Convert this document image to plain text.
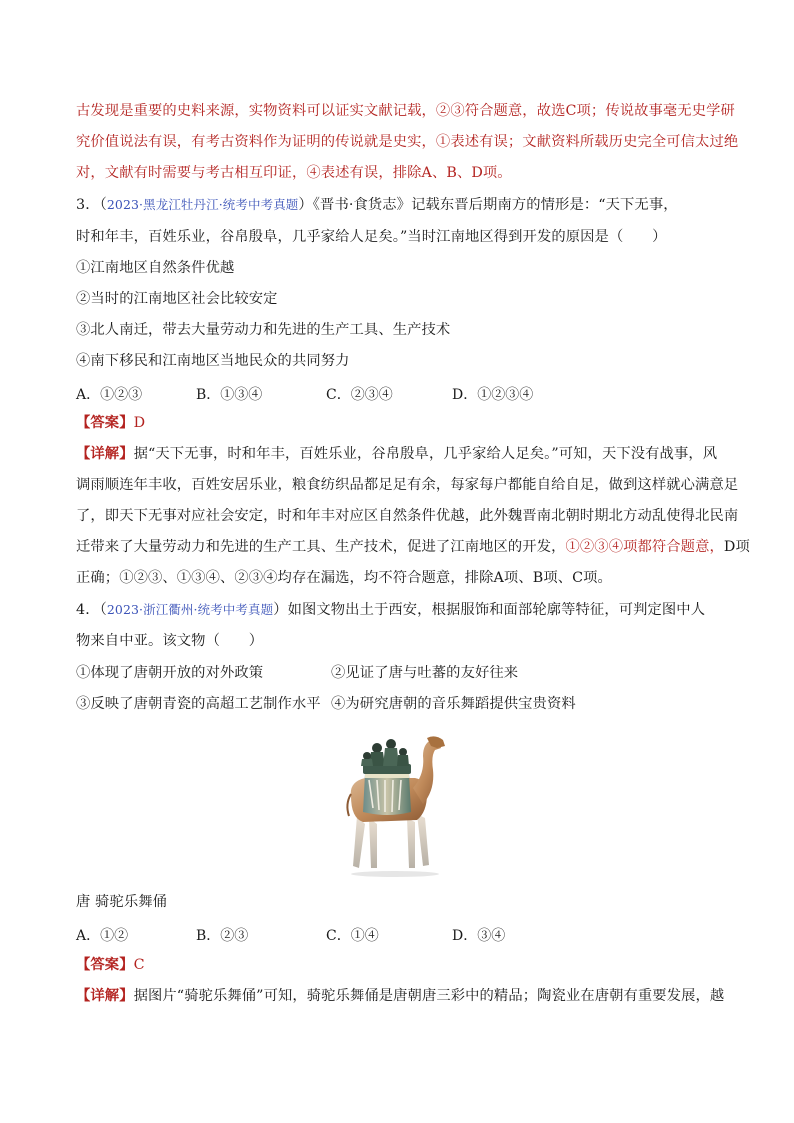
古发现是重要的史料来源，实物资料可以证实文献记载，②③符合题意，故选C项；传说故事毫无史学研
究价值说法有误，有考古资料作为证明的传说就是史实，①表述有误；文献资料所载历史完全可信太过绝
对，文献有时需要与考古相互印证，④表述有误，排除A、B、D项。
3．（2023·黑龙江牡丹江·统考中考真题）《晋书·食货志》记载东晋后期南方的情形是：“天下无事，
时和年丰，百姓乐业，谷帛殷阜，几乎家给人足矣。”当时江南地区得到开发的原因是（　　）
①江南地区自然条件优越
②当时的江南地区社会比较安定
③北人南迁，带去大量劳动力和先进的生产工具、生产技术
④南下移民和江南地区当地民众的共同努力
A．①②③	B．①③④	C．②③④	D．①②③④
【答案】D
【详解】据“天下无事，时和年丰，百姓乐业，谷帛殷阜，几乎家给人足矣。”可知，天下没有战事，风
调雨顺连年丰收，百姓安居乐业，粮食纺织品都足足有余，每家每户都能自给自足，做到这样就心满意足
了，即天下无事对应社会安定，时和年丰对应区自然条件优越，此外魏晋南北朝时期北方动乱使得北民南
迁带来了大量劳动力和先进的生产工具、生产技术，促进了江南地区的开发，①②③④项都符合题意，D项
正确；①②③、①③④、②③④均存在漏选，均不符合题意，排除A项、B项、C项。
4．（2023·浙江衢州·统考中考真题）如图文物出土于西安，根据服饰和面部轮廓等特征，可判定图中人
物来自中亚。该文物（　　）
①体现了唐朝开放的对外政策	②见证了唐与吐蕃的友好往来
③反映了唐朝青瓷的高超工艺制作水平 ④为研究唐朝的音乐舞蹈提供宝贵资料
唐 骑驼乐舞俑
A．①②	B．②③	C．①④	D．③④
【答案】C
【详解】据图片“骑驼乐舞俑”可知，骑驼乐舞俑是唐朝唐三彩中的精品；陶瓷业在唐朝有重要发展，越
